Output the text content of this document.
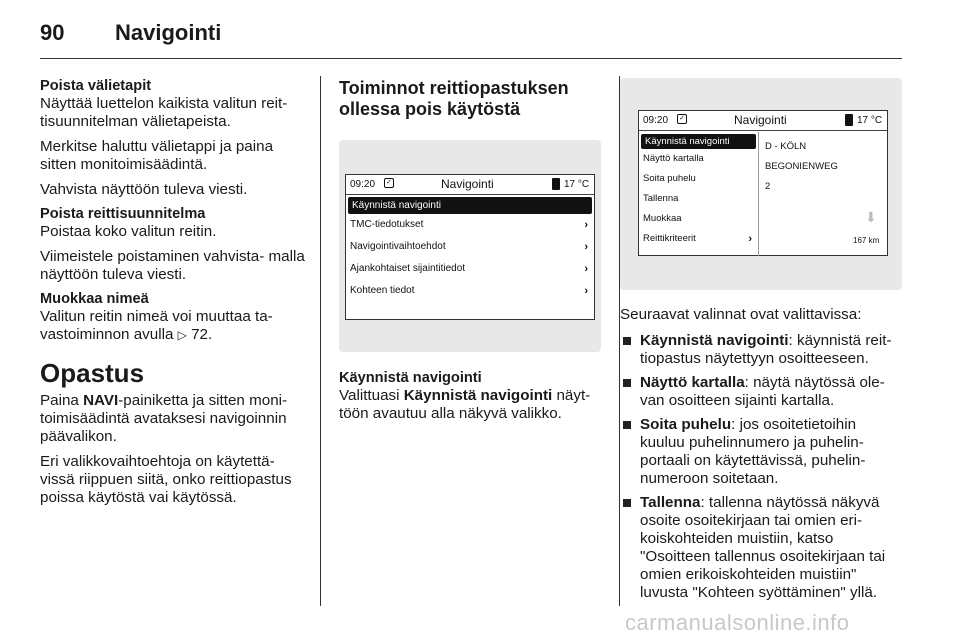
90 Navigointi
Poista välietapit

Näyttää luettelon kaikista valitun reit- tisuunnitelman välietapeista.

Merkitse haluttu välietappi ja paina sitten monitoimisäädintä.

Vahvista näyttöön tuleva viesti.

Poista reittisuunnitelma

Poistaa koko valitun reitin.

Viimeistele poistaminen vahvista- malla näyttöön tuleva viesti.

Muokkaa nimeä

Valitun reitin nimeä voi muuttaa ta- vastoiminnon avulla ▷ 72.

Opastus

Paina NAVI-painiketta ja sitten moni- toimisäädintä avataksesi navigoinnin päävalikon.

Eri valikkovaihtoehtoja on käytettä- vissä riippuen siitä, onko reittiopastus poissa käytöstä vai käytössä.

Toiminnot reittiopastuksen ollessa pois käytöstä
09:20 ✓	Navigointi	17 °C
Käynnistä navigointi
TMC-tiedotukset	›
Navigointivaihtoehdot	›
Ajankohtaiset sijaintitiedot	›
Kohteen tiedot	›
Käynnistä navigointi

Valittuasi Käynnistä navigointi näyt- töön avautuu alla näkyvä valikko.

09:20 ✓	Navigointi	17 °C
Käynnistä navigointi
Näyttö kartalla
Soita puhelu
Tallenna
Muokkaa
Reittikriteerit	›
D - KÖLN
BEGONIENWEG
2
⬇
167 km

Seuraavat valinnat ovat valittavissa:

Käynnistä navigointi: käynnistä reit- tiopastus näytettyyn osoitteeseen.
Näyttö kartalla: näytä näytössä ole- van osoitteen sijainti kartalla.
Soita puhelu: jos osoitetietoihin kuuluu puhelinnumero ja puhelin- portaali on käytettävissä, puhelin- numeroon soitetaan.
Tallenna: tallenna näytössä näkyvä osoite osoitekirjaan tai omien eri- koiskohteiden muistiin, katso "Osoitteen tallennus osoitekirjaan tai omien erikoiskohteiden muistiin" luvusta "Kohteen syöttäminen" yllä.
carmanualsonline.info
